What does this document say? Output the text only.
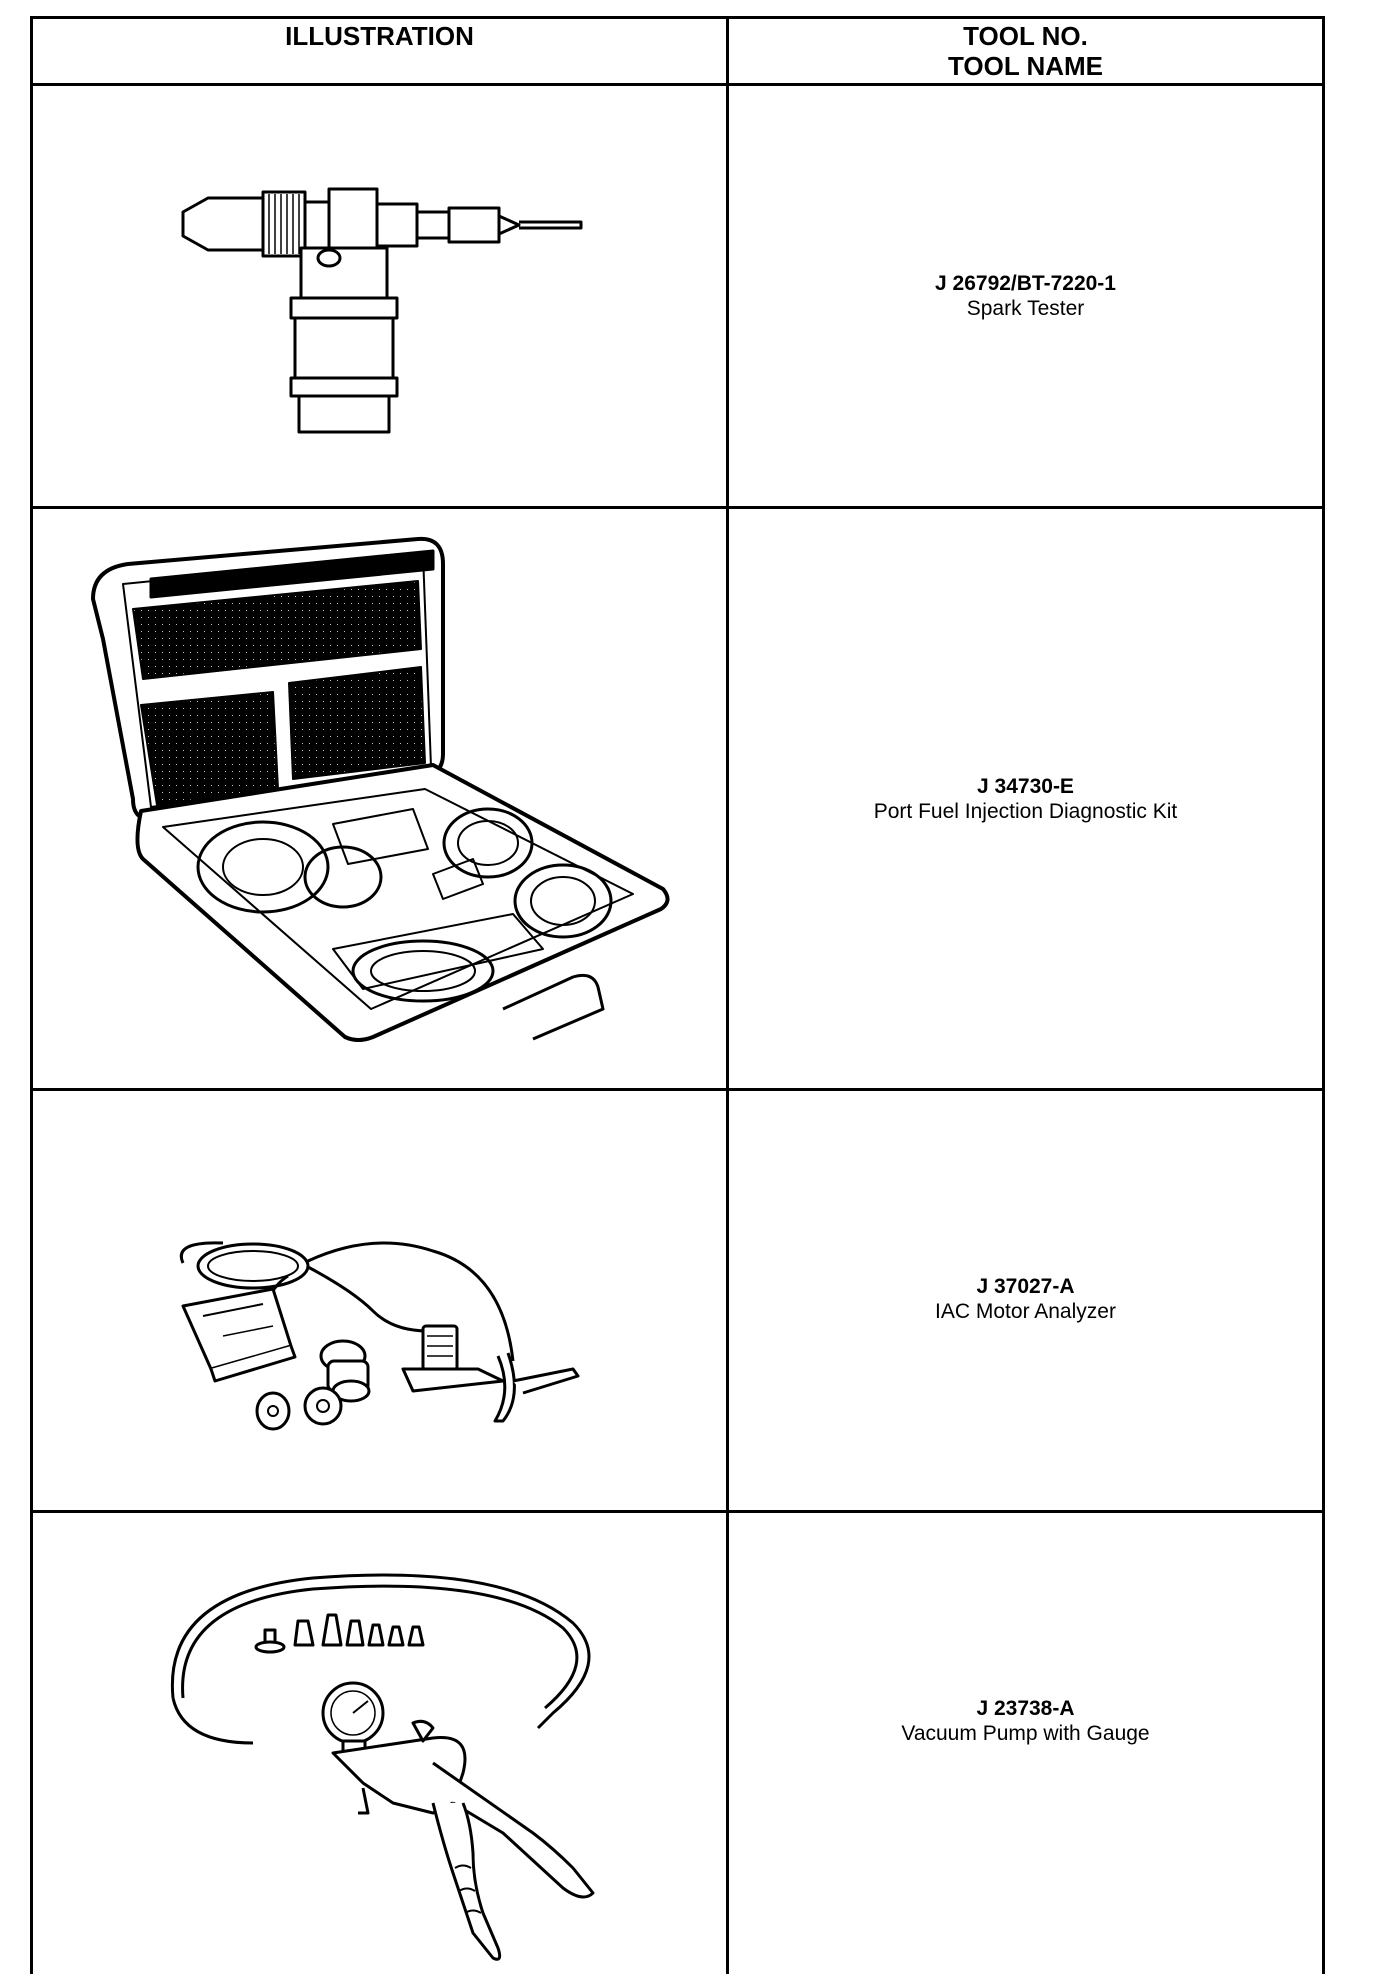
ILLUSTRATION	TOOL NO.
TOOL NAME
J 26792/BT-7220-1
Spark Tester
J 34730-E
Port Fuel Injection Diagnostic Kit
J 37027-A
IAC Motor Analyzer
J 23738-A
Vacuum Pump with Gauge
